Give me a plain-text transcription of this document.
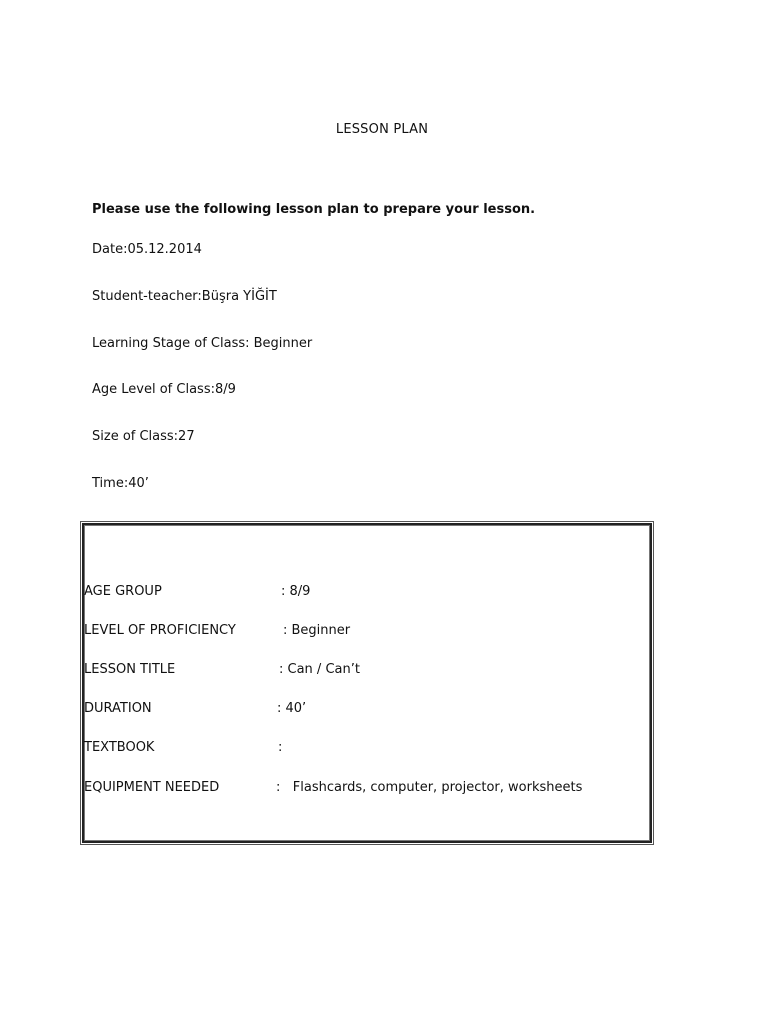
LESSON PLAN
Please use the following lesson plan to prepare your lesson.
Date:05.12.2014
Student-teacher:Büşra YİĞİT
Learning Stage of Class: Beginner
Age Level of Class:8/9
Size of Class:27
Time:40’
AGE GROUP	: 8/9
LEVEL OF PROFICIENCY	: Beginner
LESSON TITLE	: Can / Can’t
DURATION	: 40’
TEXTBOOK	:
EQUIPMENT NEEDED	:   Flashcards, computer, projector, worksheets
